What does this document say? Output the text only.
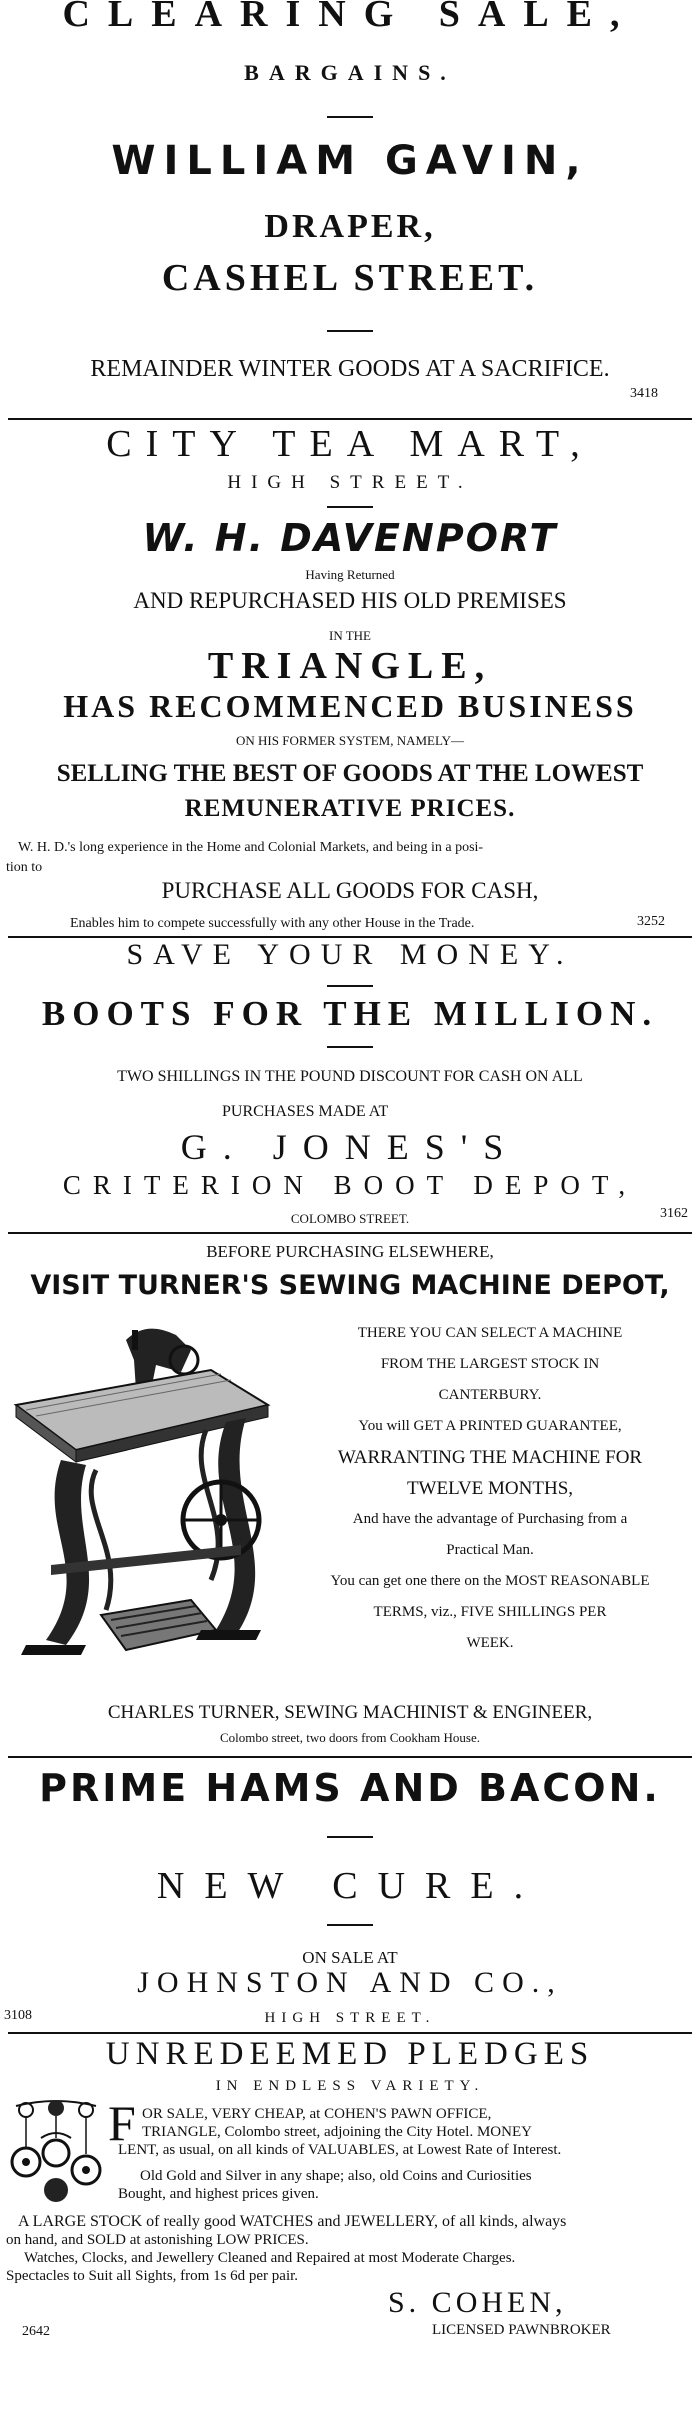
CLEARING SALE,
BARGAINS.
WILLIAM GAVIN,
DRAPER,
CASHEL STREET.
REMAINDER WINTER GOODS AT A SACRIFICE.
3418
CITY TEA MART,
HIGH STREET.
W. H. DAVENPORT
Having Returned
AND REPURCHASED HIS OLD PREMISES
IN THE
TRIANGLE,
HAS RECOMMENCED BUSINESS
ON HIS FORMER SYSTEM, NAMELY—
SELLING THE BEST OF GOODS AT THE LOWEST
REMUNERATIVE PRICES.
W. H. D.'s long experience in the Home and Colonial Markets, and being in a posi-
tion to
PURCHASE ALL GOODS FOR CASH,
Enables him to compete successfully with any other House in the Trade.	3252
SAVE YOUR MONEY.
BOOTS FOR THE MILLION.
TWO SHILLINGS IN THE POUND DISCOUNT FOR CASH ON ALL
PURCHASES MADE AT
G. JONES'S
CRITERION BOOT DEPOT,
COLOMBO STREET.	3162
BEFORE PURCHASING ELSEWHERE,
VISIT TURNER'S SEWING MACHINE DEPOT,
THERE YOU CAN SELECT A MACHINE
FROM THE LARGEST STOCK IN
CANTERBURY.
You will GET A PRINTED GUARANTEE,
WARRANTING THE MACHINE FOR
TWELVE MONTHS,
And have the advantage of Purchasing from a
Practical Man.
You can get one there on the MOST REASONABLE
TERMS, viz., FIVE SHILLINGS PER
WEEK.
CHARLES TURNER, SEWING MACHINIST & ENGINEER,
Colombo street, two doors from Cookham House.
PRIME HAMS AND BACON.
NEW CURE.
ON SALE AT
JOHNSTON AND CO.,
3108	HIGH STREET.
UNREDEEMED PLEDGES
IN ENDLESS VARIETY.
F OR SALE, VERY CHEAP, at COHEN'S PAWN OFFICE,
TRIANGLE, Colombo street, adjoining the City Hotel. MONEY
LENT, as usual, on all kinds of VALUABLES, at Lowest Rate of Interest.
Old Gold and Silver in any shape; also, old Coins and Curiosities
Bought, and highest prices given.
A LARGE STOCK of really good WATCHES and JEWELLERY, of all kinds, always
on hand, and SOLD at astonishing LOW PRICES.
Watches, Clocks, and Jewellery Cleaned and Repaired at most Moderate Charges.
Spectacles to Suit all Sights, from 1s 6d per pair.
S. COHEN,
LICENSED PAWNBROKER
2642
